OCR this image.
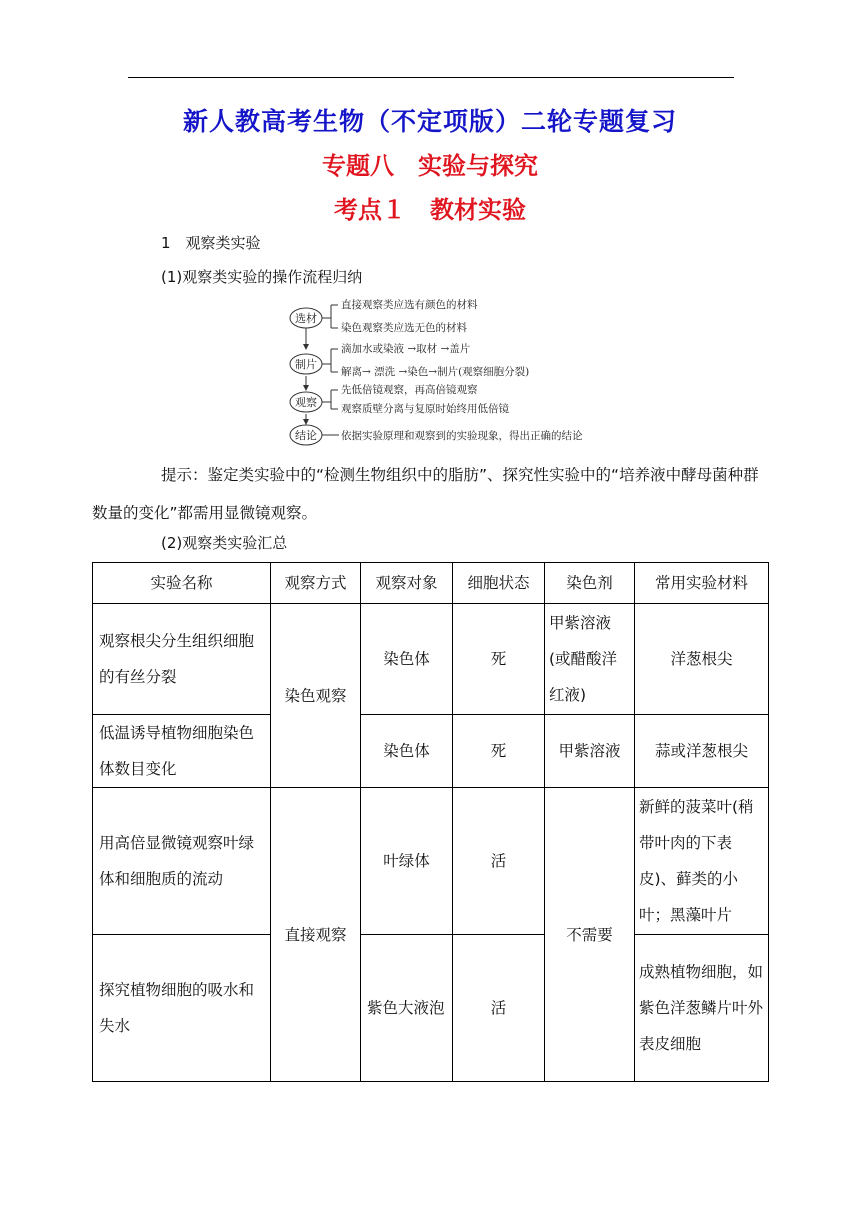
新人教高考生物（不定项版）二轮专题复习
专题八　实验与探究
考点１　教材实验
1　观察类实验
(1)观察类实验的操作流程归纳
选材
直接观察类应选有颜色的材料
染色观察类应选无色的材料
制片
滴加水或染液 →取材 →盖片
解离→ 漂洗 →染色→制片(观察细胞分裂)
观察
先低倍镜观察，再高倍镜观察
观察质壁分离与复原时始终用低倍镜
结论 依据实验原理和观察到的实验现象，得出正确的结论
提示：鉴定类实验中的“检测生物组织中的脂肪”、探究性实验中的“培养液中酵母菌种群数量的变化”都需用显微镜观察。
(2)观察类实验汇总
实验名称	观察方式	观察对象	细胞状态	染色剂	常用实验材料
观察根尖分生组织细胞的有丝分裂	染色观察	染色体	死	甲紫溶液(或醋酸洋红液)	洋葱根尖
低温诱导植物细胞染色体数目变化		染色体	死	甲紫溶液	蒜或洋葱根尖
用高倍显微镜观察叶绿体和细胞质的流动	直接观察	叶绿体	活	不需要	新鲜的菠菜叶(稍带叶肉的下表皮)、藓类的小叶；黑藻叶片
探究植物细胞的吸水和失水		紫色大液泡	活		成熟植物细胞，如紫色洋葱鳞片叶外表皮细胞
